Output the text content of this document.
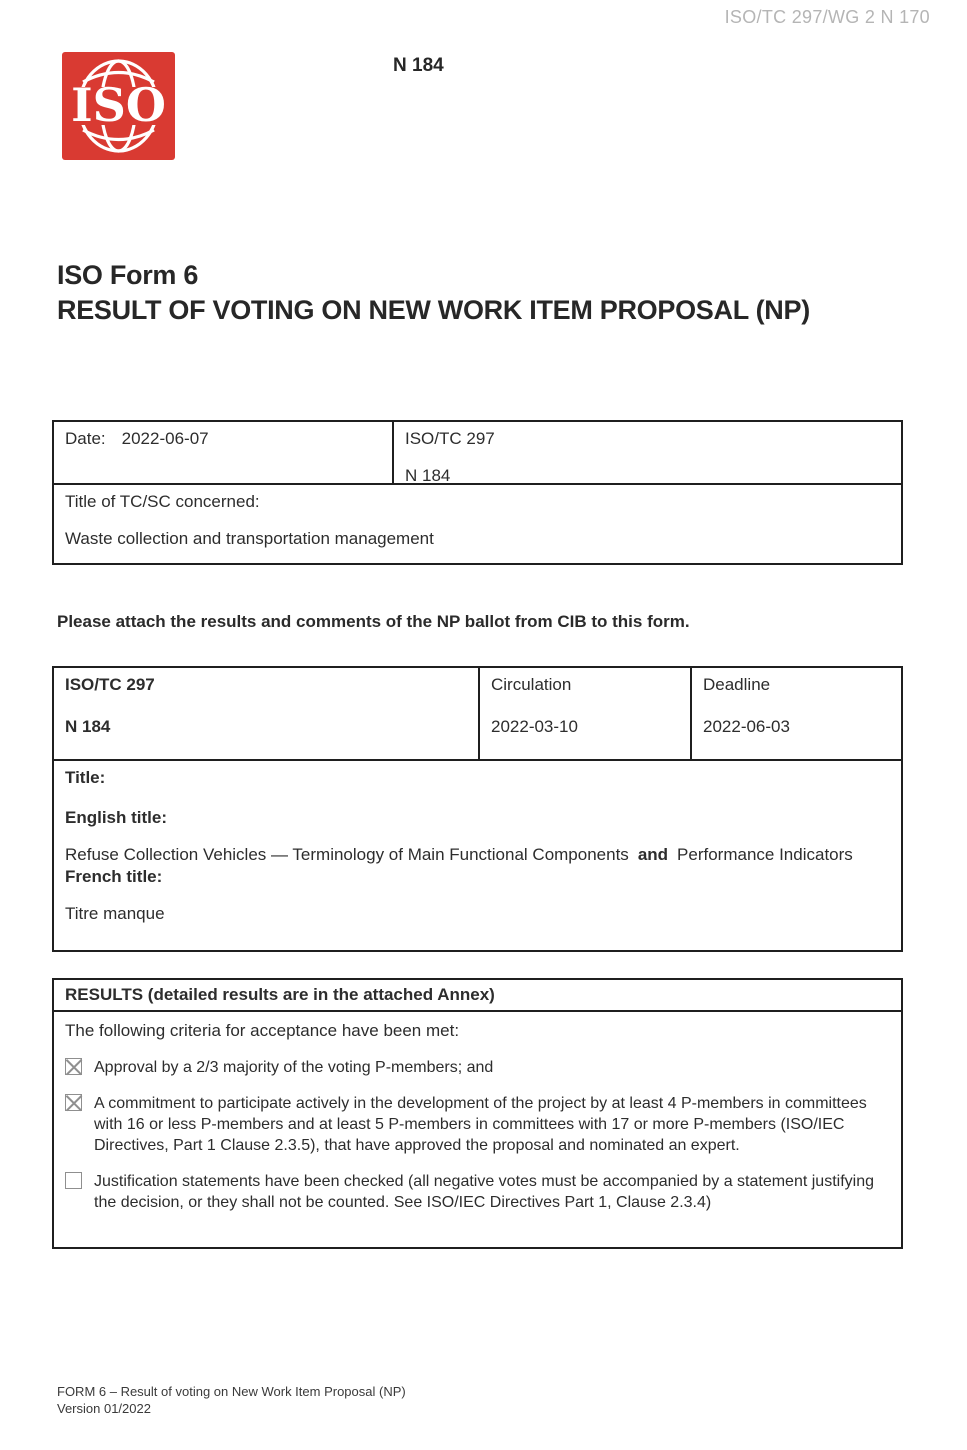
ISO/TC 297/WG 2 N 170
ISO
N 184
ISO Form 6
RESULT OF VOTING ON NEW WORK ITEM PROPOSAL (NP)

Date: 2022-06-07	ISO/TC 297

N 184

Title of TC/SC concerned:

Waste collection and transportation management

Please attach the results and comments of the NP ballot from CIB to this form.

ISO/TC 297

N 184

Circulation

2022-03-10

Deadline

2022-06-03

Title:

English title:

Refuse Collection Vehicles — Terminology of Main Functional Components and Performance Indicators

French title:

Titre manque

RESULTS (detailed results are in the attached Annex)

The following criteria for acceptance have been met:

Approval by a 2/3 majority of the voting P-members; and
A commitment to participate actively in the development of the project by at least 4 P-members in committees with 16 or less P-members and at least 5 P-members in committees with 17 or more P-members (ISO/IEC Directives, Part 1 Clause 2.3.5), that have approved the proposal and nominated an expert.
Justification statements have been checked (all negative votes must be accompanied by a statement justifying the decision, or they shall not be counted. See ISO/IEC Directives Part 1, Clause 2.3.4)
FORM 6 – Result of voting on New Work Item Proposal (NP)
Version 01/2022
